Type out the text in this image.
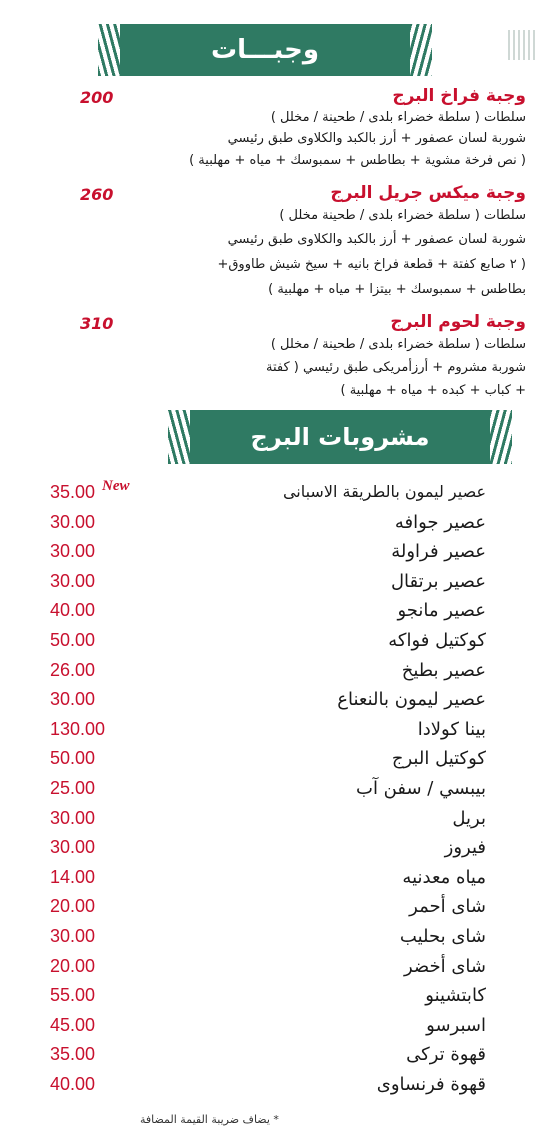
وجبـــات
وجبة فراخ البرج
200
سلطات ( سلطة خضراء بلدى / طحينة / مخلل )
شوربة لسان عصفور + أرز بالكبد والكلاوى طبق رئيسي
( نص فرخة مشوية + بطاطس + سمبوسك + مياه + مهلبية )
وجبة ميكس جريل البرج
260
سلطات ( سلطة خضراء بلدى / طحينة مخلل )
شوربة لسان عصفور + أرز بالكبد والكلاوى طبق رئيسي
( ٢ صابع كفتة + قطعة فراخ بانيه + سيخ شيش طاووق+
بطاطس + سمبوسك + بيتزا + مياه + مهلبية )
وجبة لحوم البرج
310
سلطات ( سلطة خضراء بلدى / طحينة / مخلل )
شوربة مشروم + أرزأمريكى طبق رئيسي ( كفتة
+ كباب + كبده + مياه + مهلبية )
مشروبات البرج
35.00	عصير ليمون بالطريقة الاسبانى
30.00	عصير جوافه
30.00	عصير فراولة
30.00	عصير برتقال
40.00	عصير مانجو
50.00	كوكتيل فواكه
26.00	عصير بطيخ
30.00	عصير ليمون بالنعناع
130.00	بينا كولادا
50.00	كوكتيل البرج
25.00	بيبسي / سفن آب
30.00	بريل
30.00	فيروز
14.00	مياه معدنيه
20.00	شاى أحمر
30.00	شاى بحليب
20.00	شاى أخضر
55.00	كابتشينو
45.00	اسبرسو
35.00	قهوة تركى
40.00	قهوة فرنساوى
New
* يضاف ضريبة القيمة المضافة
